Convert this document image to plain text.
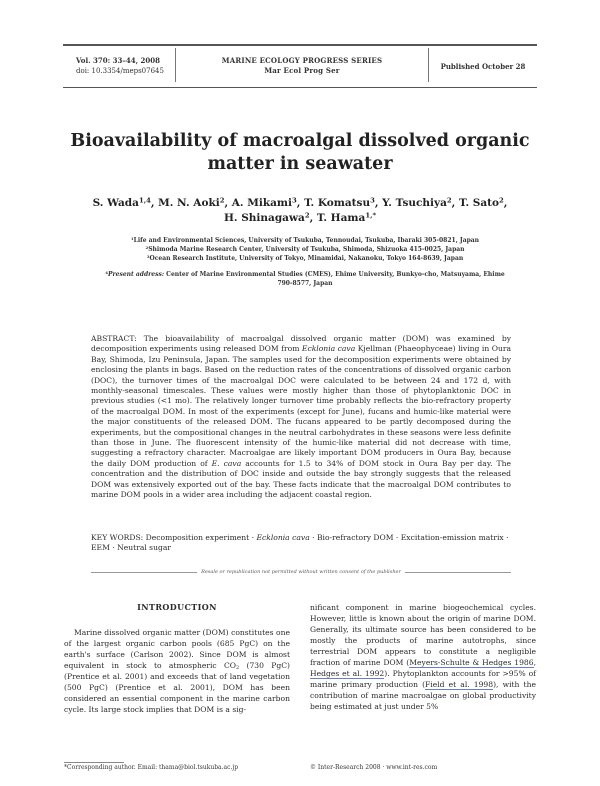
Vol. 370: 33–44, 2008
doi: 10.3354/meps07645
MARINE ECOLOGY PROGRESS SERIES
Mar Ecol Prog Ser	Published October 28
Bioavailability of macroalgal dissolved organic
matter in seawater
S. Wada$^{1,4}$, M. N. Aoki$^2$, A. Mikami$^3$, T. Komatsu$^3$, Y. Tsuchiya$^2$, T. Sato$^2$,
H. Shinagawa$^2$, T. Hama$^{1,*}$
$^1$Life and Environmental Sciences, University of Tsukuba, Tennoudai, Tsukuba, Ibaraki 305-0821, Japan
$^2$Shimoda Marine Research Center, University of Tsukuba, Shimoda, Shizuoka 415-0025, Japan
$^3$Ocean Research Institute, University of Tokyo, Minamidai, Nakanoku, Tokyo 164-8639, Japan
$^4$Present address: Center of Marine Environmental Studies (CMES), Ehime University, Bunkyo-cho, Matsuyama, Ehime 790-8577, Japan
ABSTRACT: The bioavailability of macroalgal dissolved organic matter (DOM) was examined by decomposition experiments using released DOM from Ecklonia cava Kjellman (Phaeophyceae) living in Oura Bay, Shimoda, Izu Peninsula, Japan. The samples used for the decomposition experiments were obtained by enclosing the plants in bags. Based on the reduction rates of the concentrations of dissolved organic carbon (DOC), the turnover times of the macroalgal DOC were calculated to be between 24 and 172 d, with monthly-seasonal timescales. These values were mostly higher than those of phytoplanktonic DOC in previous studies (<1 mo). The relatively longer turnover time probably reflects the bio-refractory property of the macroalgal DOM. In most of the experiments (except for June), fucans and humic-like material were the major constituents of the released DOM. The fucans appeared to be partly decomposed during the experiments, but the compositional changes in the neutral carbohydrates in these seasons were less definite than those in June. The fluorescent intensity of the humic-like material did not decrease with time, suggesting a refractory character. Macroalgae are likely important DOM producers in Oura Bay, because the daily DOM production of E. cava accounts for 1.5 to 34% of DOM stock in Oura Bay per day. The concentration and the distribution of DOC inside and outside the bay strongly suggests that the released DOM was extensively exported out of the bay. These facts indicate that the macroalgal DOM contributes to marine DOM pools in a wider area including the adjacent coastal region.
KEY WORDS: Decomposition experiment · Ecklonia cava · Bio-refractory DOM · Excitation-emission matrix · EEM · Neutral sugar
Resale or republication not permitted without written consent of the publisher
INTRODUCTION

Marine dissolved organic matter (DOM) constitutes one of the largest organic carbon pools (685 PgC) on the earth's surface (Carlson 2002). Since DOM is almost equivalent in stock to atmospheric $CO_2$ (730 PgC) (Prentice et al. 2001) and exceeds that of land vegetation (500 PgC) (Prentice et al. 2001), DOM has been considered an essential component in the marine carbon cycle. Its large stock implies that DOM is a sig-

nificant component in marine biogeochemical cycles. However, little is known about the origin of marine DOM. Generally, its ultimate source has been considered to be mostly the products of marine autotrophs, since terrestrial DOM appears to constitute a negligible fraction of marine DOM (Meyers-Schulte & Hedges 1986, Hedges et al. 1992). Phytoplankton accounts for >95% of marine primary production (Field et al. 1998), with the contribution of marine macroalgae on global productivity being estimated at just under 5%

*Corresponding author. Email: thama@biol.tsukuba.ac.jp	© Inter-Research 2008 · www.int-res.com
